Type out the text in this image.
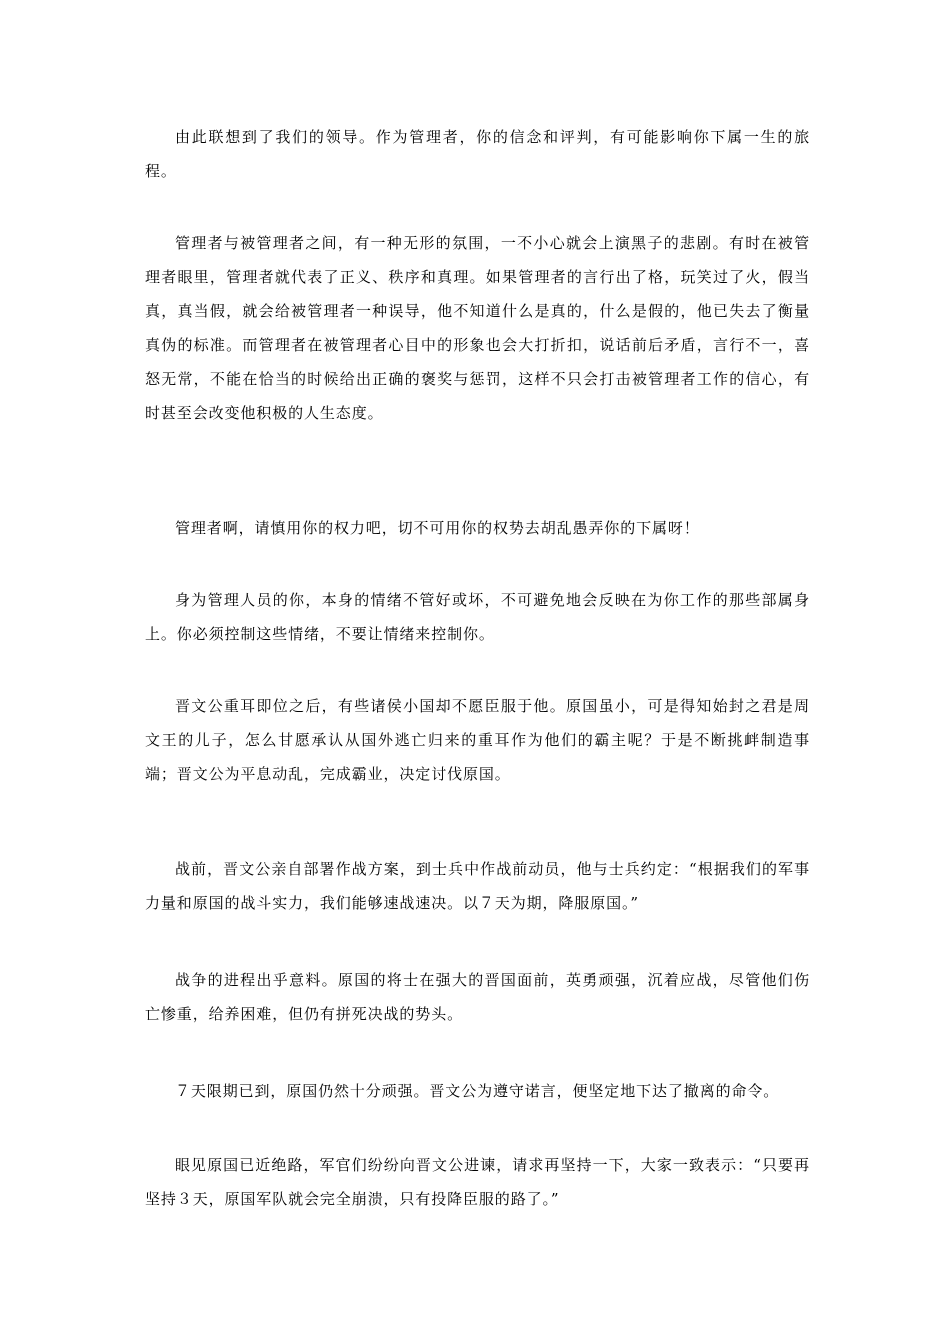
由此联想到了我们的领导。作为管理者，你的信念和评判，有可能影响你下属一生的旅程。

管理者与被管理者之间，有一种无形的氛围，一不小心就会上演黑子的悲剧。有时在被管理者眼里，管理者就代表了正义、秩序和真理。如果管理者的言行出了格，玩笑过了火，假当真，真当假，就会给被管理者一种误导，他不知道什么是真的，什么是假的，他已失去了衡量真伪的标准。而管理者在被管理者心目中的形象也会大打折扣，说话前后矛盾，言行不一，喜怒无常，不能在恰当的时候给出正确的褒奖与惩罚，这样不只会打击被管理者工作的信心，有时甚至会改变他积极的人生态度。

管理者啊，请慎用你的权力吧，切不可用你的权势去胡乱愚弄你的下属呀！

身为管理人员的你，本身的情绪不管好或坏，不可避免地会反映在为你工作的那些部属身上。你必须控制这些情绪，不要让情绪来控制你。

晋文公重耳即位之后，有些诸侯小国却不愿臣服于他。原国虽小，可是得知始封之君是周文王的儿子，怎么甘愿承认从国外逃亡归来的重耳作为他们的霸主呢？于是不断挑衅制造事端；晋文公为平息动乱，完成霸业，决定讨伐原国。

战前，晋文公亲自部署作战方案，到士兵中作战前动员，他与士兵约定：“根据我们的军事力量和原国的战斗实力，我们能够速战速决。以７天为期，降服原国。”

战争的进程出乎意料。原国的将士在强大的晋国面前，英勇顽强，沉着应战，尽管他们伤亡惨重，给养困难，但仍有拼死决战的势头。

７天限期已到，原国仍然十分顽强。晋文公为遵守诺言，便坚定地下达了撤离的命令。

眼见原国已近绝路，军官们纷纷向晋文公进谏，请求再坚持一下，大家一致表示：“只要再坚持３天，原国军队就会完全崩溃，只有投降臣服的路了。”
